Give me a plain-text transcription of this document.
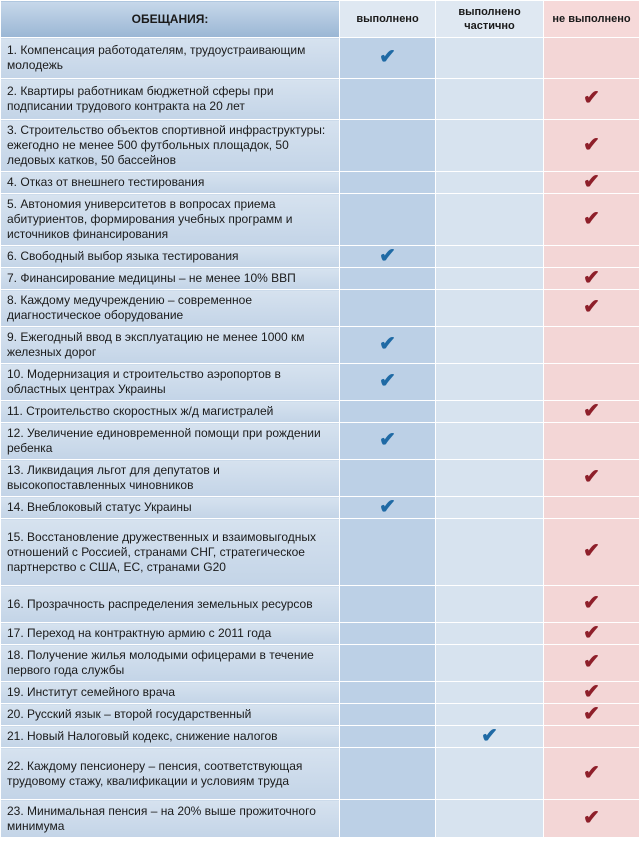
ОБЕЩАНИЯ:	выполнено	выполнено частично	не выполнено
1. Компенсация работодателям, трудоустраивающим молодежь	✔		
2. Квартиры работникам бюджетной сферы при подписании трудового контракта на 20 лет			✔
3. Строительство объектов спортивной инфраструктуры: ежегодно не менее 500 футбольных площадок, 50 ледовых катков, 50 бассейнов			✔
4. Отказ от внешнего тестирования			✔
5. Автономия университетов в вопросах приема абитуриентов, формирования учебных программ и источников финансирования			✔
6. Свободный выбор языка тестирования	✔		
7. Финансирование медицины – не менее 10% ВВП			✔
8. Каждому медучреждению – современное диагностическое оборудование			✔
9. Ежегодный ввод в эксплуатацию не менее 1000 км железных дорог	✔		
10. Модернизация и строительство аэропортов в областных центрах Украины	✔		
11. Строительство скоростных ж/д магистралей			✔
12. Увеличение единовременной помощи при рождении ребенка	✔		
13. Ликвидация льгот для депутатов и высокопоставленных чиновников			✔
14. Внеблоковый статус Украины	✔		
15. Восстановление дружественных и взаимовыгодных отношений с Россией, странами СНГ, стратегическое партнерство с США, ЕС, странами G20			✔
16. Прозрачность распределения земельных ресурсов			✔
17. Переход на контрактную армию с 2011 года			✔
18. Получение жилья молодыми офицерами в течение первого года службы			✔
19. Институт семейного врача			✔
20. Русский язык – второй государственный			✔
21. Новый Налоговый кодекс, снижение налогов		✔	
22. Каждому пенсионеру – пенсия, соответствующая трудовому стажу, квалификации и условиям труда			✔
23. Минимальная пенсия – на 20% выше прожиточного минимума			✔
